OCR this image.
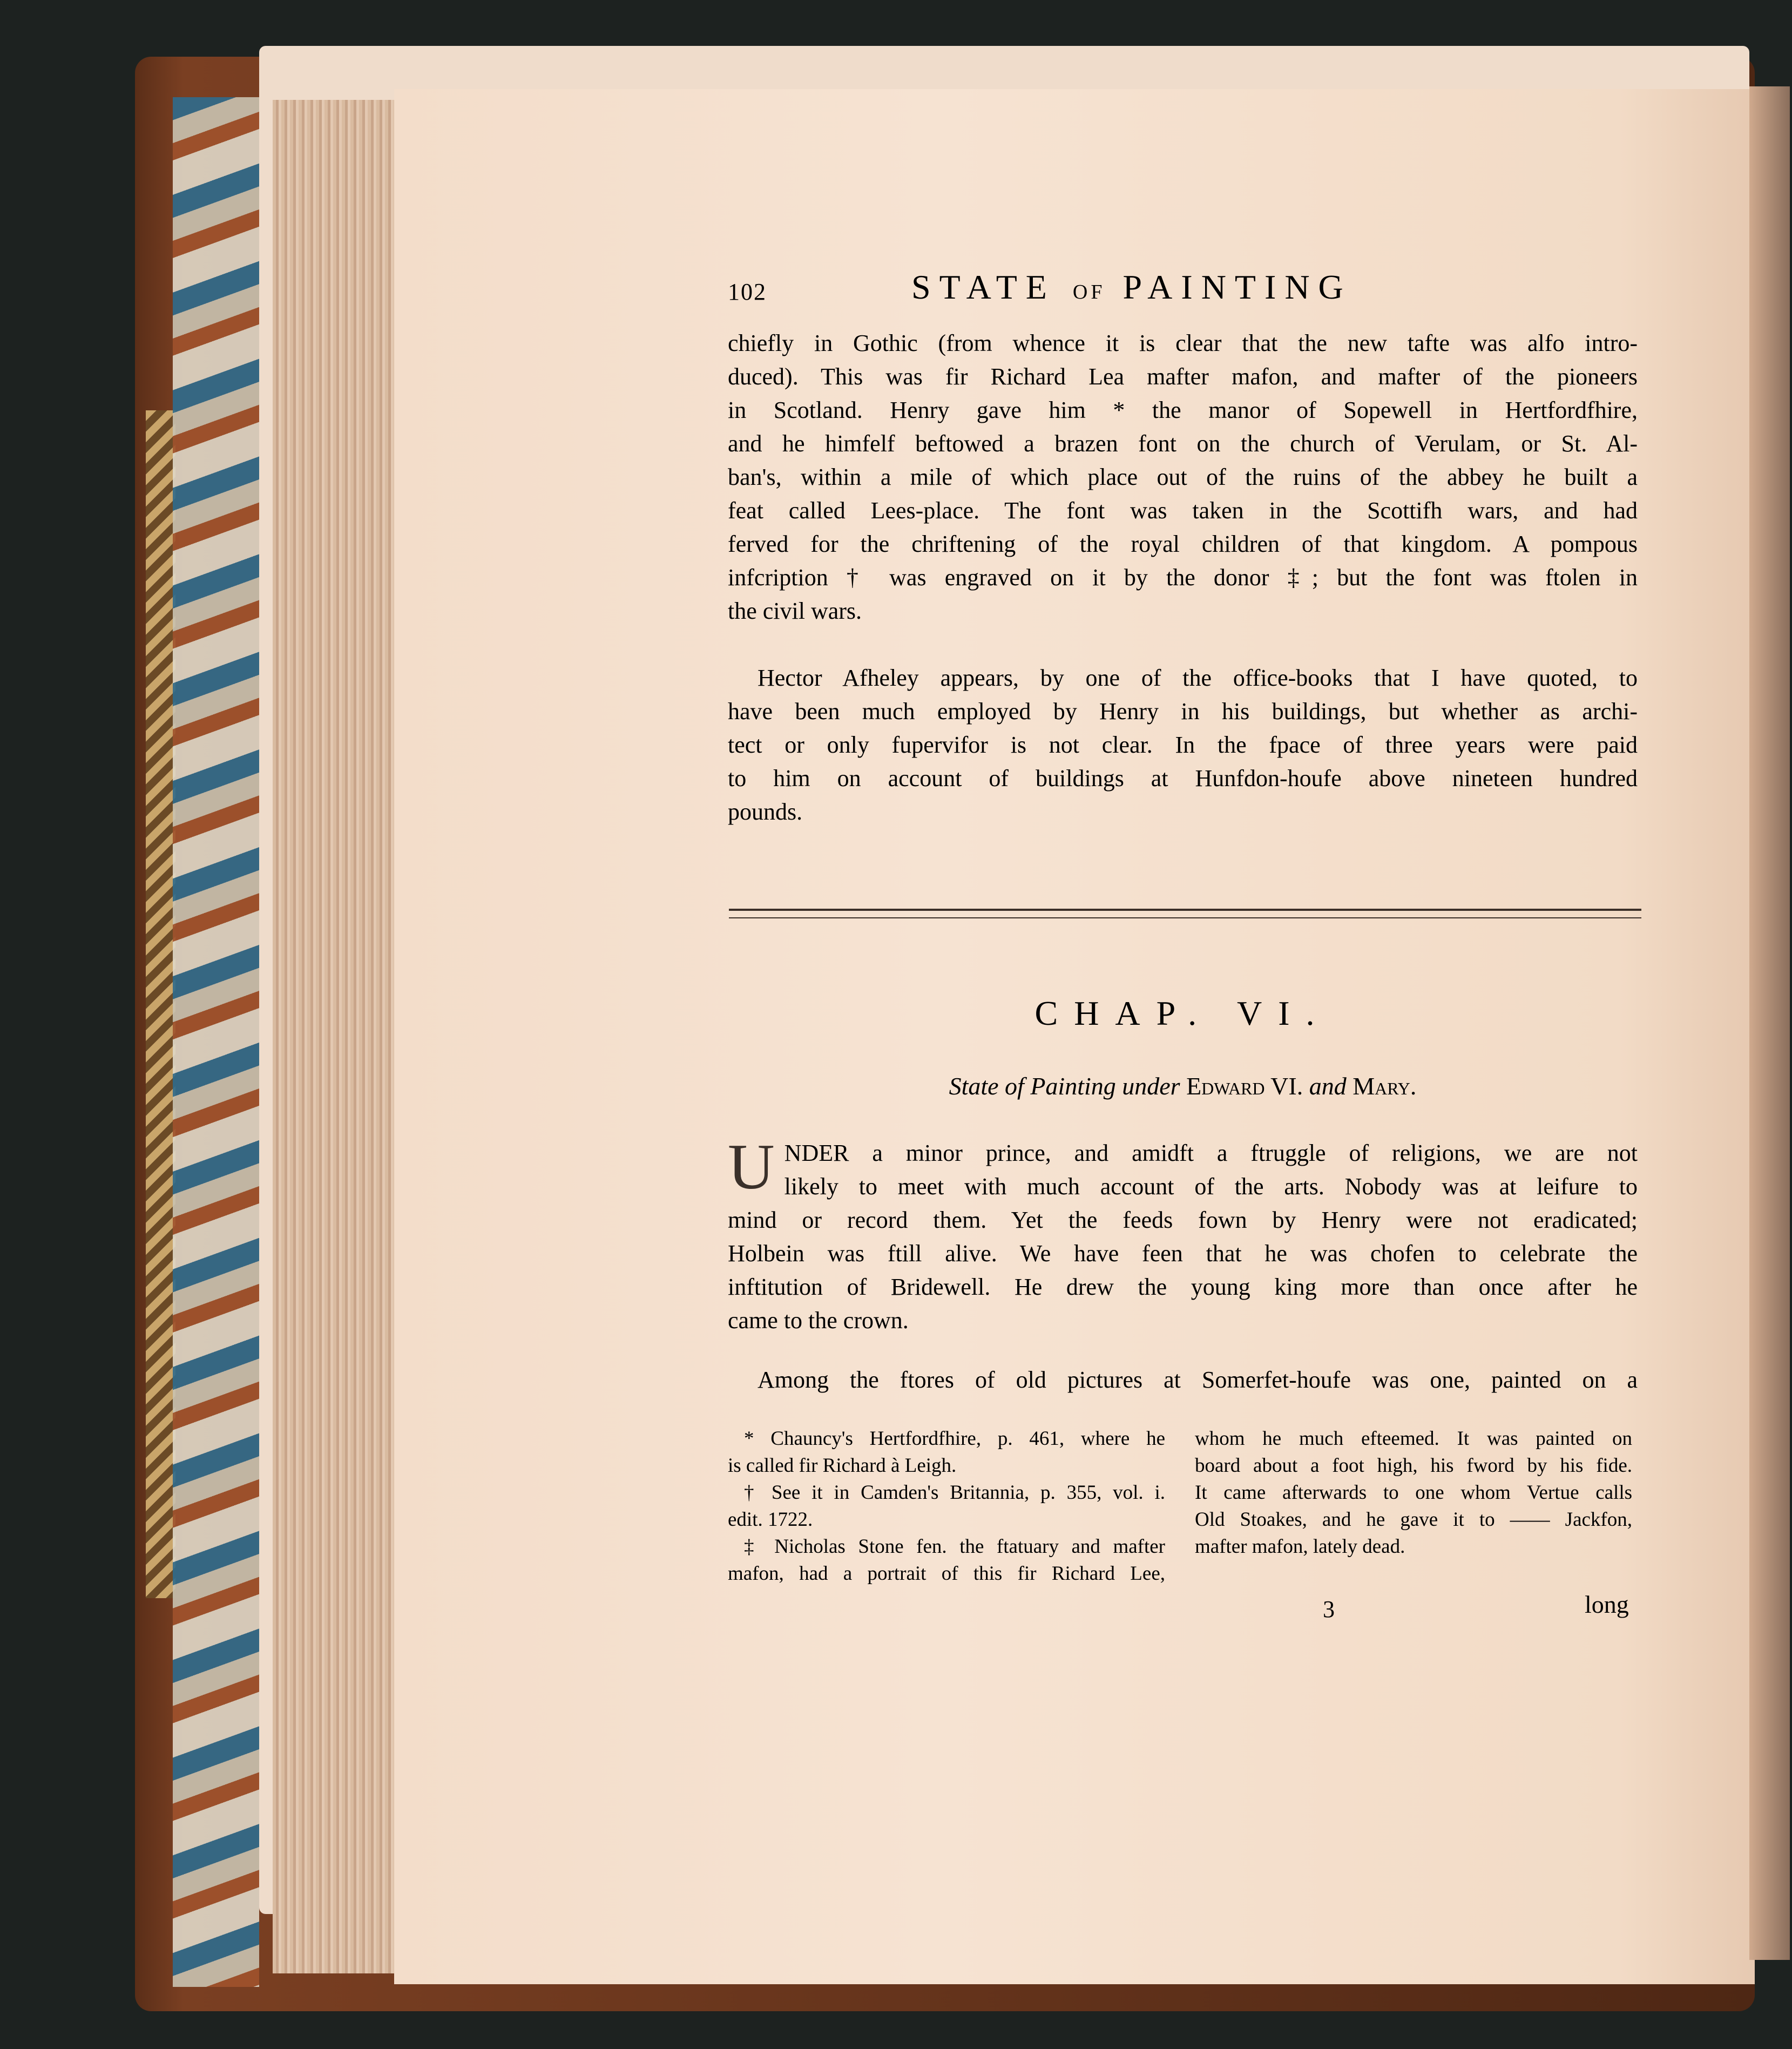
102	STATE OF PAINTING
chiefly in Gothic (from whence it is clear that the new tafte was alfo intro-
duced). This was fir Richard Lea mafter mafon, and mafter of the pioneers
in Scotland. Henry gave him * the manor of Sopewell in Hertfordfhire,
and he himfelf beftowed a brazen font on the church of Verulam, or St. Al-
ban's, within a mile of which place out of the ruins of the abbey he built a
feat called Lees-place. The font was taken in the Scottifh wars, and had
ferved for the chriftening of the royal children of that kingdom. A pompous
infcription † was engraved on it by the donor ‡; but the font was ftolen in
the civil wars.
Hector Afheley appears, by one of the office-books that I have quoted, to
have been much employed by Henry in his buildings, but whether as archi-
tect or only fupervifor is not clear. In the fpace of three years were paid
to him on account of buildings at Hunfdon-houfe above nineteen hundred
pounds.
CHAP. VI.
State of Painting under Edward VI. and Mary.
U NDER a minor prince, and amidft a ftruggle of religions, we are not
likely to meet with much account of the arts. Nobody was at leifure to
mind or record them. Yet the feeds fown by Henry were not eradicated;
Holbein was ftill alive. We have feen that he was chofen to celebrate the
inftitution of Bridewell. He drew the young king more than once after he
came to the crown.
Among the ftores of old pictures at Somerfet-houfe was one, painted on a
* Chauncy's Hertfordfhire, p. 461, where he
is called fir Richard à Leigh.
† See it in Camden's Britannia, p. 355, vol. i.
edit. 1722.
‡ Nicholas Stone fen. the ftatuary and mafter
mafon, had a portrait of this fir Richard Lee,
whom he much efteemed. It was painted on
board about a foot high, his fword by his fide.
It came afterwards to one whom Vertue calls
Old Stoakes, and he gave it to —— Jackfon,
mafter mafon, lately dead.
3	long
